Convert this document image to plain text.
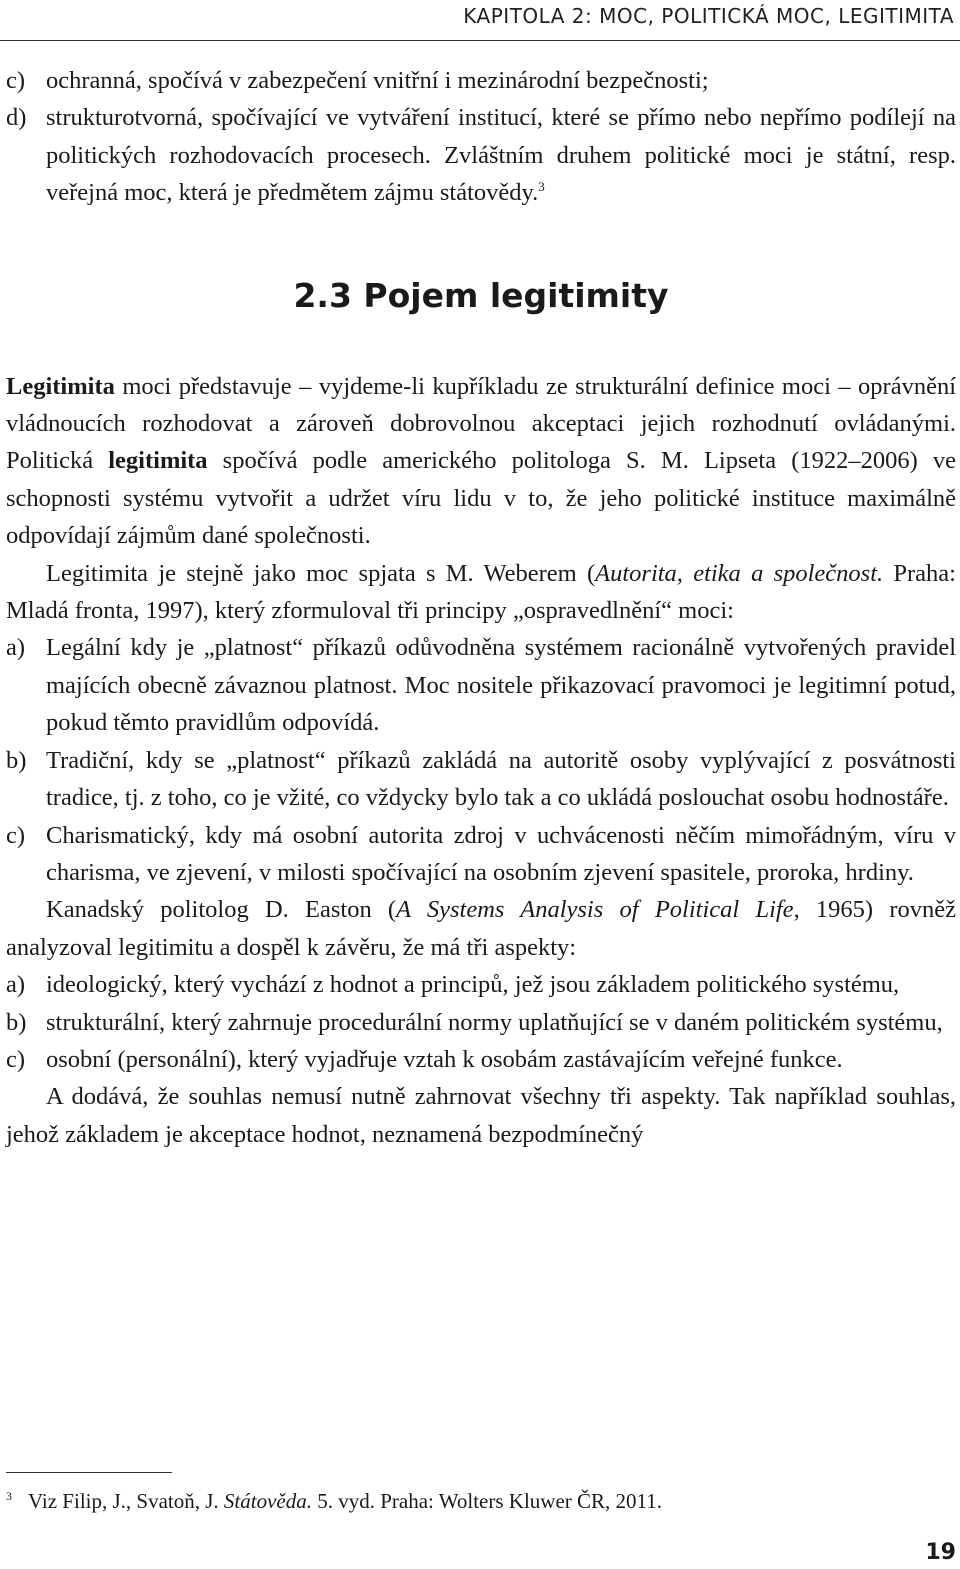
KAPITOLA 2: MOC, POLITICKÁ MOC, LEGITIMITA

c) ochranná, spočívá v zabezpečení vnitřní i mezinárodní bezpečnosti;

d) strukturotvorná, spočívající ve vytváření institucí, které se přímo nebo nepřímo podílejí na politických rozhodovacích procesech. Zvláštním druhem politické moci je státní, resp. veřejná moc, která je předmětem zájmu státovědy.$^3$

2.3 Pojem legitimity

Legitimita moci představuje – vyjdeme-li kupříkladu ze strukturální definice moci – oprávnění vládnoucích rozhodovat a zároveň dobrovolnou akceptaci jejich rozhodnutí ovládanými. Politická legitimita spočívá podle amerického politologa S. M. Lipseta (1922–2006) ve schopnosti systému vytvořit a udržet víru lidu v to, že jeho politické instituce maximálně odpovídají zájmům dané společnosti.

Legitimita je stejně jako moc spjata s M. Weberem (Autorita, etika a společnost. Praha: Mladá fronta, 1997), který zformuloval tři principy „ospravedlnění“ moci:

a) Legální kdy je „platnost“ příkazů odůvodněna systémem racionálně vytvořených pravidel majících obecně závaznou platnost. Moc nositele přikazovací pravomoci je legitimní potud, pokud těmto pravidlům odpovídá.

b) Tradiční, kdy se „platnost“ příkazů zakládá na autoritě osoby vyplývající z posvátnosti tradice, tj. z toho, co je vžité, co vždycky bylo tak a co ukládá poslouchat osobu hodnostáře.

c) Charismatický, kdy má osobní autorita zdroj v uchvácenosti něčím mimořádným, víru v charisma, ve zjevení, v milosti spočívající na osobním zjevení spasitele, proroka, hrdiny.

Kanadský politolog D. Easton (A Systems Analysis of Political Life, 1965) rovněž analyzoval legitimitu a dospěl k závěru, že má tři aspekty:

a) ideologický, který vychází z hodnot a principů, jež jsou základem politického systému,

b) strukturální, který zahrnuje procedurální normy uplatňující se v daném politickém systému,

c) osobní (personální), který vyjadřuje vztah k osobám zastávajícím veřejné funkce.

A dodává, že souhlas nemusí nutně zahrnovat všechny tři aspekty. Tak například souhlas, jehož základem je akceptace hodnot, neznamená bezpodmínečný

$^3$ Viz Filip, J., Svatoň, J. Státověda. 5. vyd. Praha: Wolters Kluwer ČR, 2011.
19
